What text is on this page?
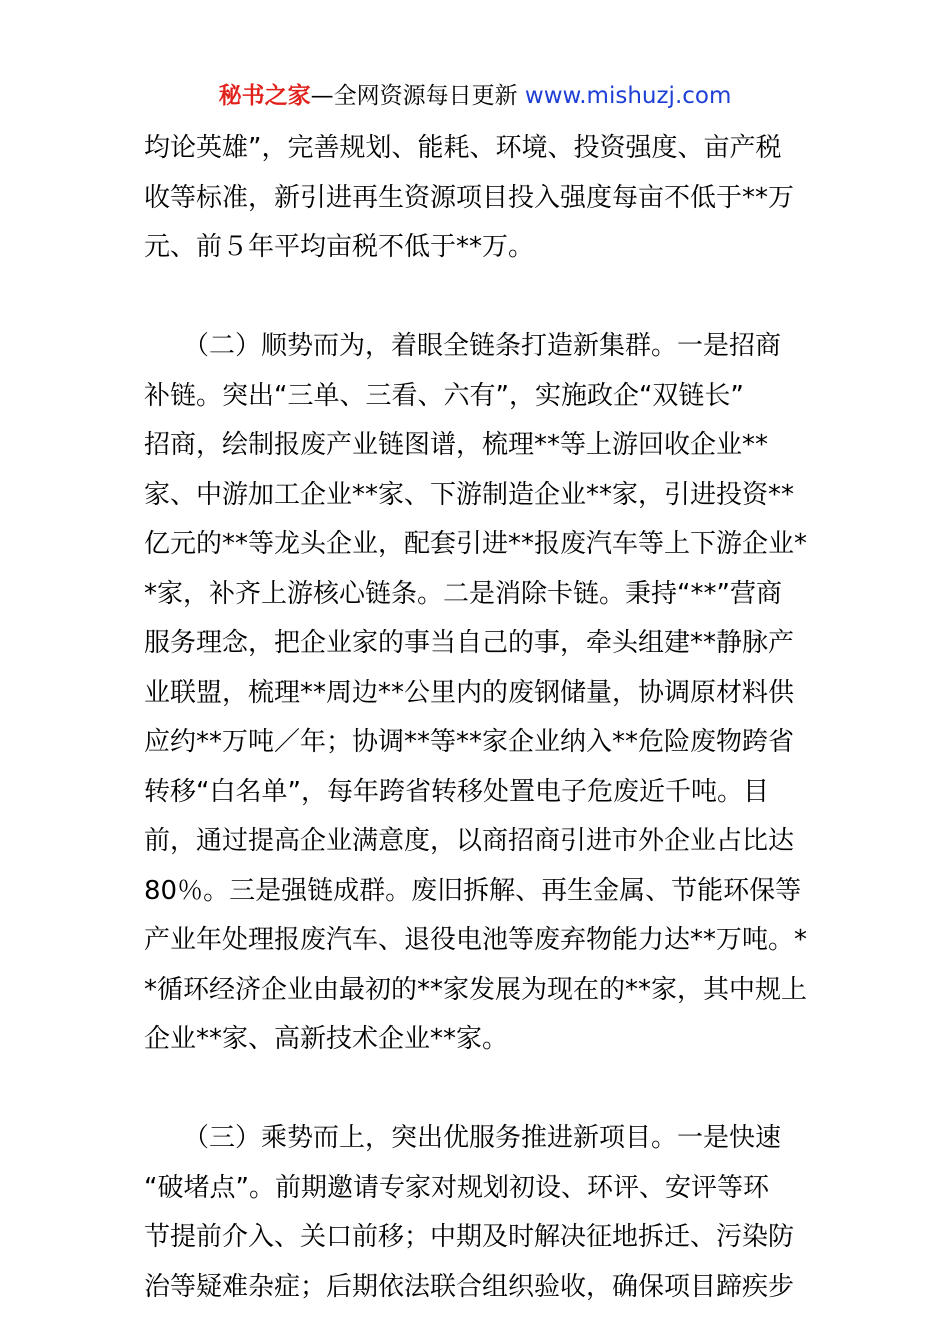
秘书之家—全网资源每日更新 www.mishuzj.com
均论英雄”，完善规划、能耗、环境、投资强度、亩产税
收等标准，新引进再生资源项目投入强度每亩不低于**万
元、前５年平均亩税不低于**万。
　　（二）顺势而为，着眼全链条打造新集群。一是招商
补链。突出“三单、三看、六有”，实施政企“双链长”
招商，绘制报废产业链图谱，梳理**等上游回收企业**
家、中游加工企业**家、下游制造企业**家，引进投资**
亿元的**等龙头企业，配套引进**报废汽车等上下游企业*
*家，补齐上游核心链条。二是消除卡链。秉持“**”营商
服务理念，把企业家的事当自己的事，牵头组建**静脉产
业联盟，梳理**周边**公里内的废钢储量，协调原材料供
应约**万吨／年；协调**等**家企业纳入**危险废物跨省
转移“白名单”，每年跨省转移处置电子危废近千吨。目
前，通过提高企业满意度，以商招商引进市外企业占比达
80％。三是强链成群。废旧拆解、再生金属、节能环保等
产业年处理报废汽车、退役电池等废弃物能力达**万吨。*
*循环经济企业由最初的**家发展为现在的**家，其中规上
企业**家、高新技术企业**家。
　　（三）乘势而上，突出优服务推进新项目。一是快速
“破堵点”。前期邀请专家对规划初设、环评、安评等环
节提前介入、关口前移；中期及时解决征地拆迁、污染防
治等疑难杂症；后期依法联合组织验收，确保项目蹄疾步
